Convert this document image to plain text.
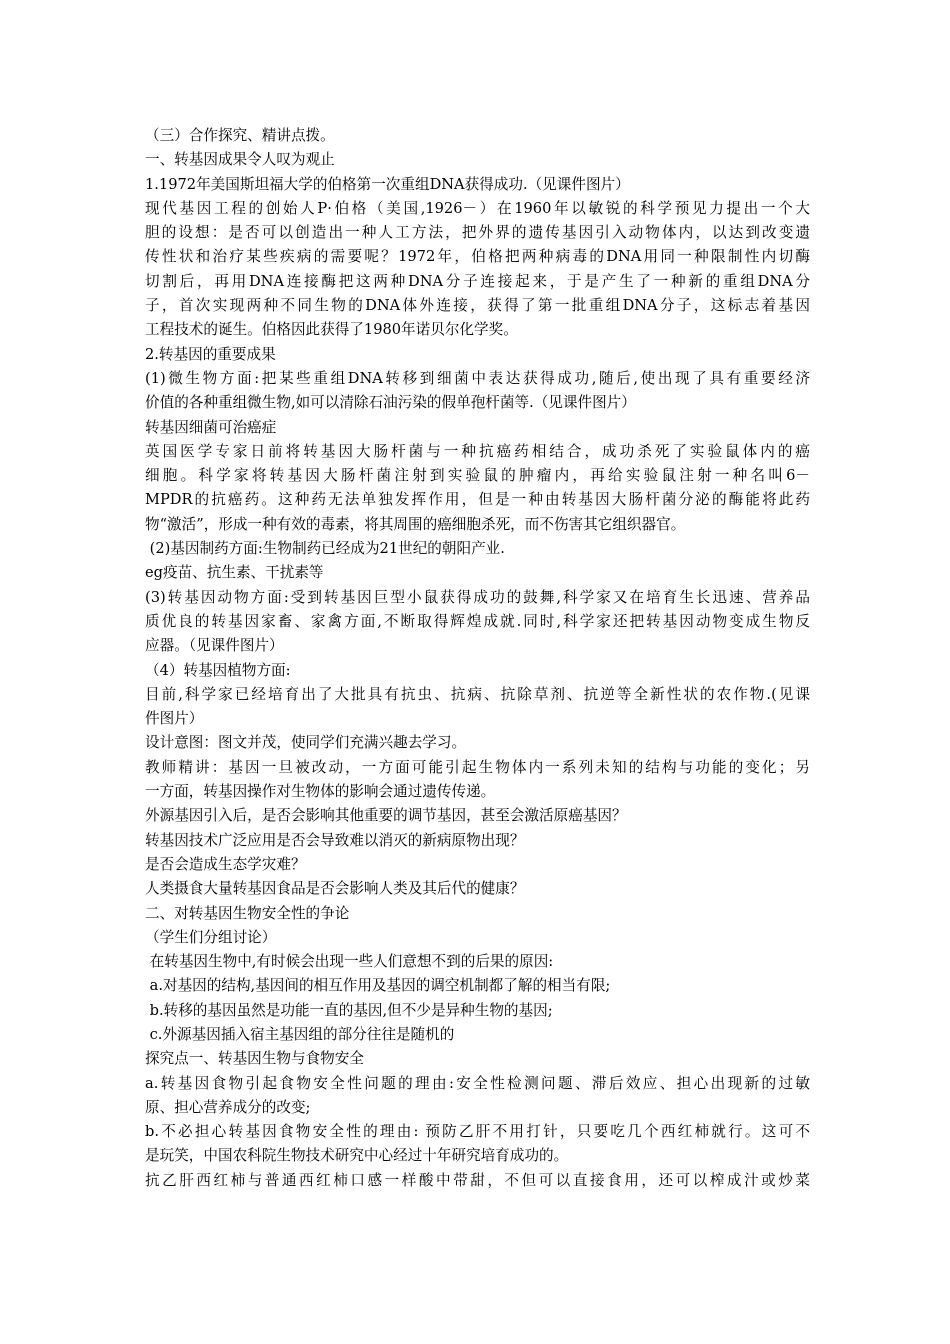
（三）合作探究、精讲点拨。
一、转基因成果令人叹为观止
1.1972年美国斯坦福大学的伯格第一次重组DNA获得成功.（见课件图片）
现代基因工程的创始人P·伯格（美国,1926－）在1960年以敏锐的科学预见力提出一个大
胆的设想：是否可以创造出一种人工方法，把外界的遗传基因引入动物体内，以达到改变遗
传性状和治疗某些疾病的需要呢？1972年，伯格把两种病毒的DNA用同一种限制性内切酶
切割后，再用DNA连接酶把这两种DNA分子连接起来，于是产生了一种新的重组DNA分
子，首次实现两种不同生物的DNA体外连接，获得了第一批重组DNA分子，这标志着基因
工程技术的诞生。伯格因此获得了1980年诺贝尔化学奖。
2.转基因的重要成果
(1)微生物方面:把某些重组DNA转移到细菌中表达获得成功,随后,使出现了具有重要经济
价值的各种重组微生物,如可以清除石油污染的假单孢杆菌等.（见课件图片）
转基因细菌可治癌症
英国医学专家日前将转基因大肠杆菌与一种抗癌药相结合，成功杀死了实验鼠体内的癌
细胞。科学家将转基因大肠杆菌注射到实验鼠的肿瘤内，再给实验鼠注射一种名叫6－
MPDR的抗癌药。这种药无法单独发挥作用，但是一种由转基因大肠杆菌分泌的酶能将此药
物“激活”，形成一种有效的毒素，将其周围的癌细胞杀死，而不伤害其它组织器官。
(2)基因制药方面:生物制药已经成为21世纪的朝阳产业.
eg疫苗、抗生素、干扰素等
(3)转基因动物方面:受到转基因巨型小鼠获得成功的鼓舞,科学家又在培育生长迅速、营养品
质优良的转基因家畜、家禽方面,不断取得辉煌成就.同时,科学家还把转基因动物变成生物反
应器。（见课件图片）
（4）转基因植物方面:
目前,科学家已经培育出了大批具有抗虫、抗病、抗除草剂、抗逆等全新性状的农作物.(见课
件图片）
设计意图：图文并茂，使同学们充满兴趣去学习。
教师精讲：基因一旦被改动，一方面可能引起生物体内一系列未知的结构与功能的变化；另
一方面，转基因操作对生物体的影响会通过遗传传递。
外源基因引入后，是否会影响其他重要的调节基因，甚至会激活原癌基因？
转基因技术广泛应用是否会导致难以消灭的新病原物出现？
是否会造成生态学灾难？
人类摄食大量转基因食品是否会影响人类及其后代的健康？
二、对转基因生物安全性的争论
（学生们分组讨论）
在转基因生物中,有时候会出现一些人们意想不到的后果的原因:
a.对基因的结构,基因间的相互作用及基因的调空机制都了解的相当有限;
b.转移的基因虽然是功能一直的基因,但不少是异种生物的基因;
c.外源基因插入宿主基因组的部分往往是随机的
探究点一、转基因生物与食物安全
a.转基因食物引起食物安全性问题的理由:安全性检测问题、滞后效应、担心出现新的过敏
原、担心营养成分的改变;
b.不必担心转基因食物安全性的理由: 预防乙肝不用打针，只要吃几个西红柿就行。这可不
是玩笑，中国农科院生物技术研究中心经过十年研究培育成功的。
抗乙肝西红柿与普通西红柿口感一样酸中带甜，不但可以直接食用，还可以榨成汁或炒菜
